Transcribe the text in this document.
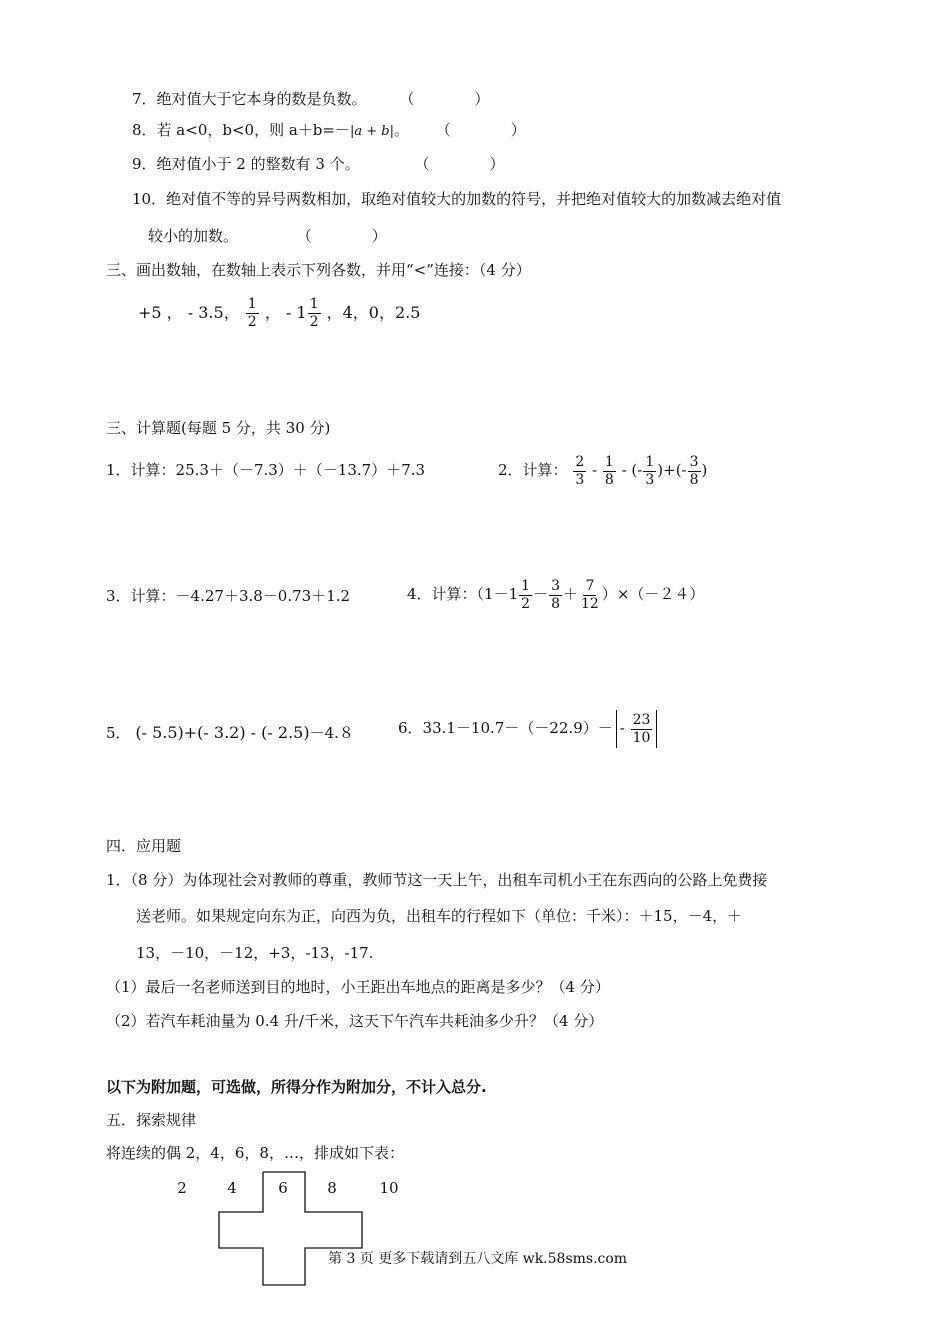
7．绝对值大于它本身的数是负数。 （　　　　）
8．若 a<0，b<0，则 a＋b=－|a + b|。 （　　　　）
9．绝对值小于 2 的整数有 3 个。	（　　　　）
10．绝对值不等的异号两数相加，取绝对值较大的加数的符号，并把绝对值较大的加数减去绝对值
较小的加数。	（　　　　）
三、画出数轴，在数轴上表示下列各数，并用“<”连接：（4 分）
+5 ， - 3.5， $\frac{1}{2}$ ， - $1 \frac{1}{2}$ ，4，0，2.5
三、计算题(每题 5 分，共 30 分)
1．计算：25.3＋（－7.3）＋（－13.7）＋7.3	2．计算： $\frac{2}{3} - \frac{1}{8}$ - (- $\frac{1}{3}$ )+(- $\frac{3}{8}$ )
3．计算：－4.27＋3.8－0.73＋1.2	4．计算：$(1-1 \frac{1}{2} - \frac{3}{8} + \frac{7}{12} )\times(-24)$
5． (- 5.5)+(- 3.2) - (- 2.5)－4.８	6．$33.1-10.7-(-22.9)- - \frac{23}{10}$
四．应用题
1．（8 分）为体现社会对教师的尊重，教师节这一天上午，出租车司机小王在东西向的公路上免费接
送老师。如果规定向东为正，向西为负，出租车的行程如下（单位：千米）：＋15，－4，＋
13，－10，－12，+3，-13，-17.
（1）最后一名老师送到目的地时，小王距出车地点的距离是多少？（4 分）
（2）若汽车耗油量为 0.4 升/千米，这天下午汽车共耗油多少升？（4 分）
以下为附加题，可选做，所得分作为附加分，不计入总分.
五．探索规律
将连续的偶 2，4，6，8，…，排成如下表：
2	4	6	8	10
第 3 页 更多下载请到五八文库 wk.58sms.com
